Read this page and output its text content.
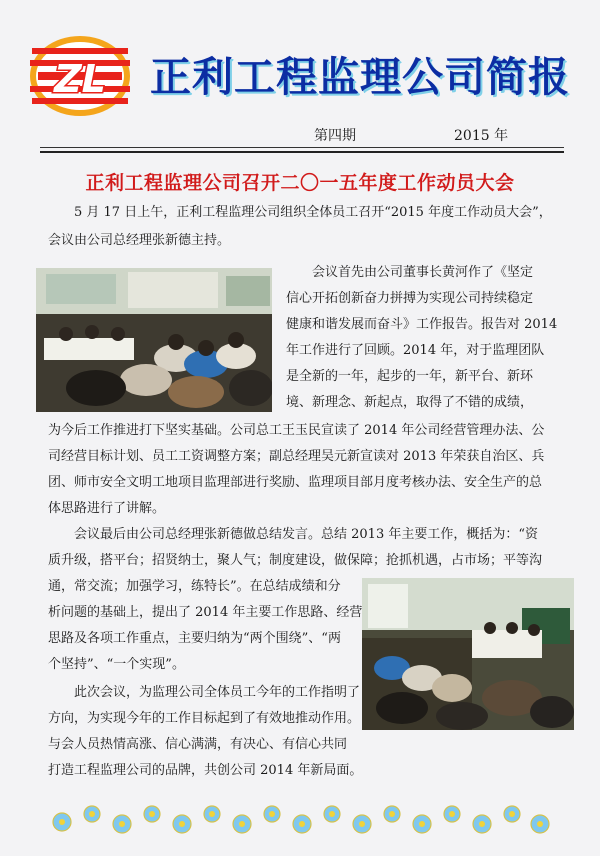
ZL 正利工程监理公司简报
第四期	2015 年
正利工程监理公司召开二〇一五年度工作动员大会
5 月 17 日上午，正利工程监理公司组织全体员工召开“2015 年度工作动员大会”，
会议由公司总经理张新德主持。
会议首先由公司董事长黄河作了《坚定
信心开拓创新奋力拼搏为实现公司持续稳定
健康和谐发展而奋斗》工作报告。报告对 2014
年工作进行了回顾。2014 年，对于监理团队
是全新的一年，起步的一年，新平台、新环
境、新理念、新起点，取得了不错的成绩，
为今后工作推进打下坚实基础。公司总工王玉民宣读了 2014 年公司经营管理办法、公
司经营目标计划、员工工资调整方案；副总经理吴元新宣读对 2013 年荣获自治区、兵
团、师市安全文明工地项目监理部进行奖励、监理项目部月度考核办法、安全生产的总
体思路进行了讲解。
会议最后由公司总经理张新德做总结发言。总结 2013 年主要工作，概括为：“资
质升级，搭平台；招贤纳士，聚人气；制度建设，做保障；抢抓机遇，占市场；平等沟
通，常交流；加强学习，练特长”。在总结成绩和分
析问题的基础上，提出了 2014 年主要工作思路、经营
思路及各项工作重点，主要归纳为“两个围绕”、“两
个坚持”、“一个实现”。
此次会议，为监理公司全体员工今年的工作指明了
方向，为实现今年的工作目标起到了有效地推动作用。
与会人员热情高涨、信心满满，有决心、有信心共同
打造工程监理公司的品牌，共创公司 2014 年新局面。
